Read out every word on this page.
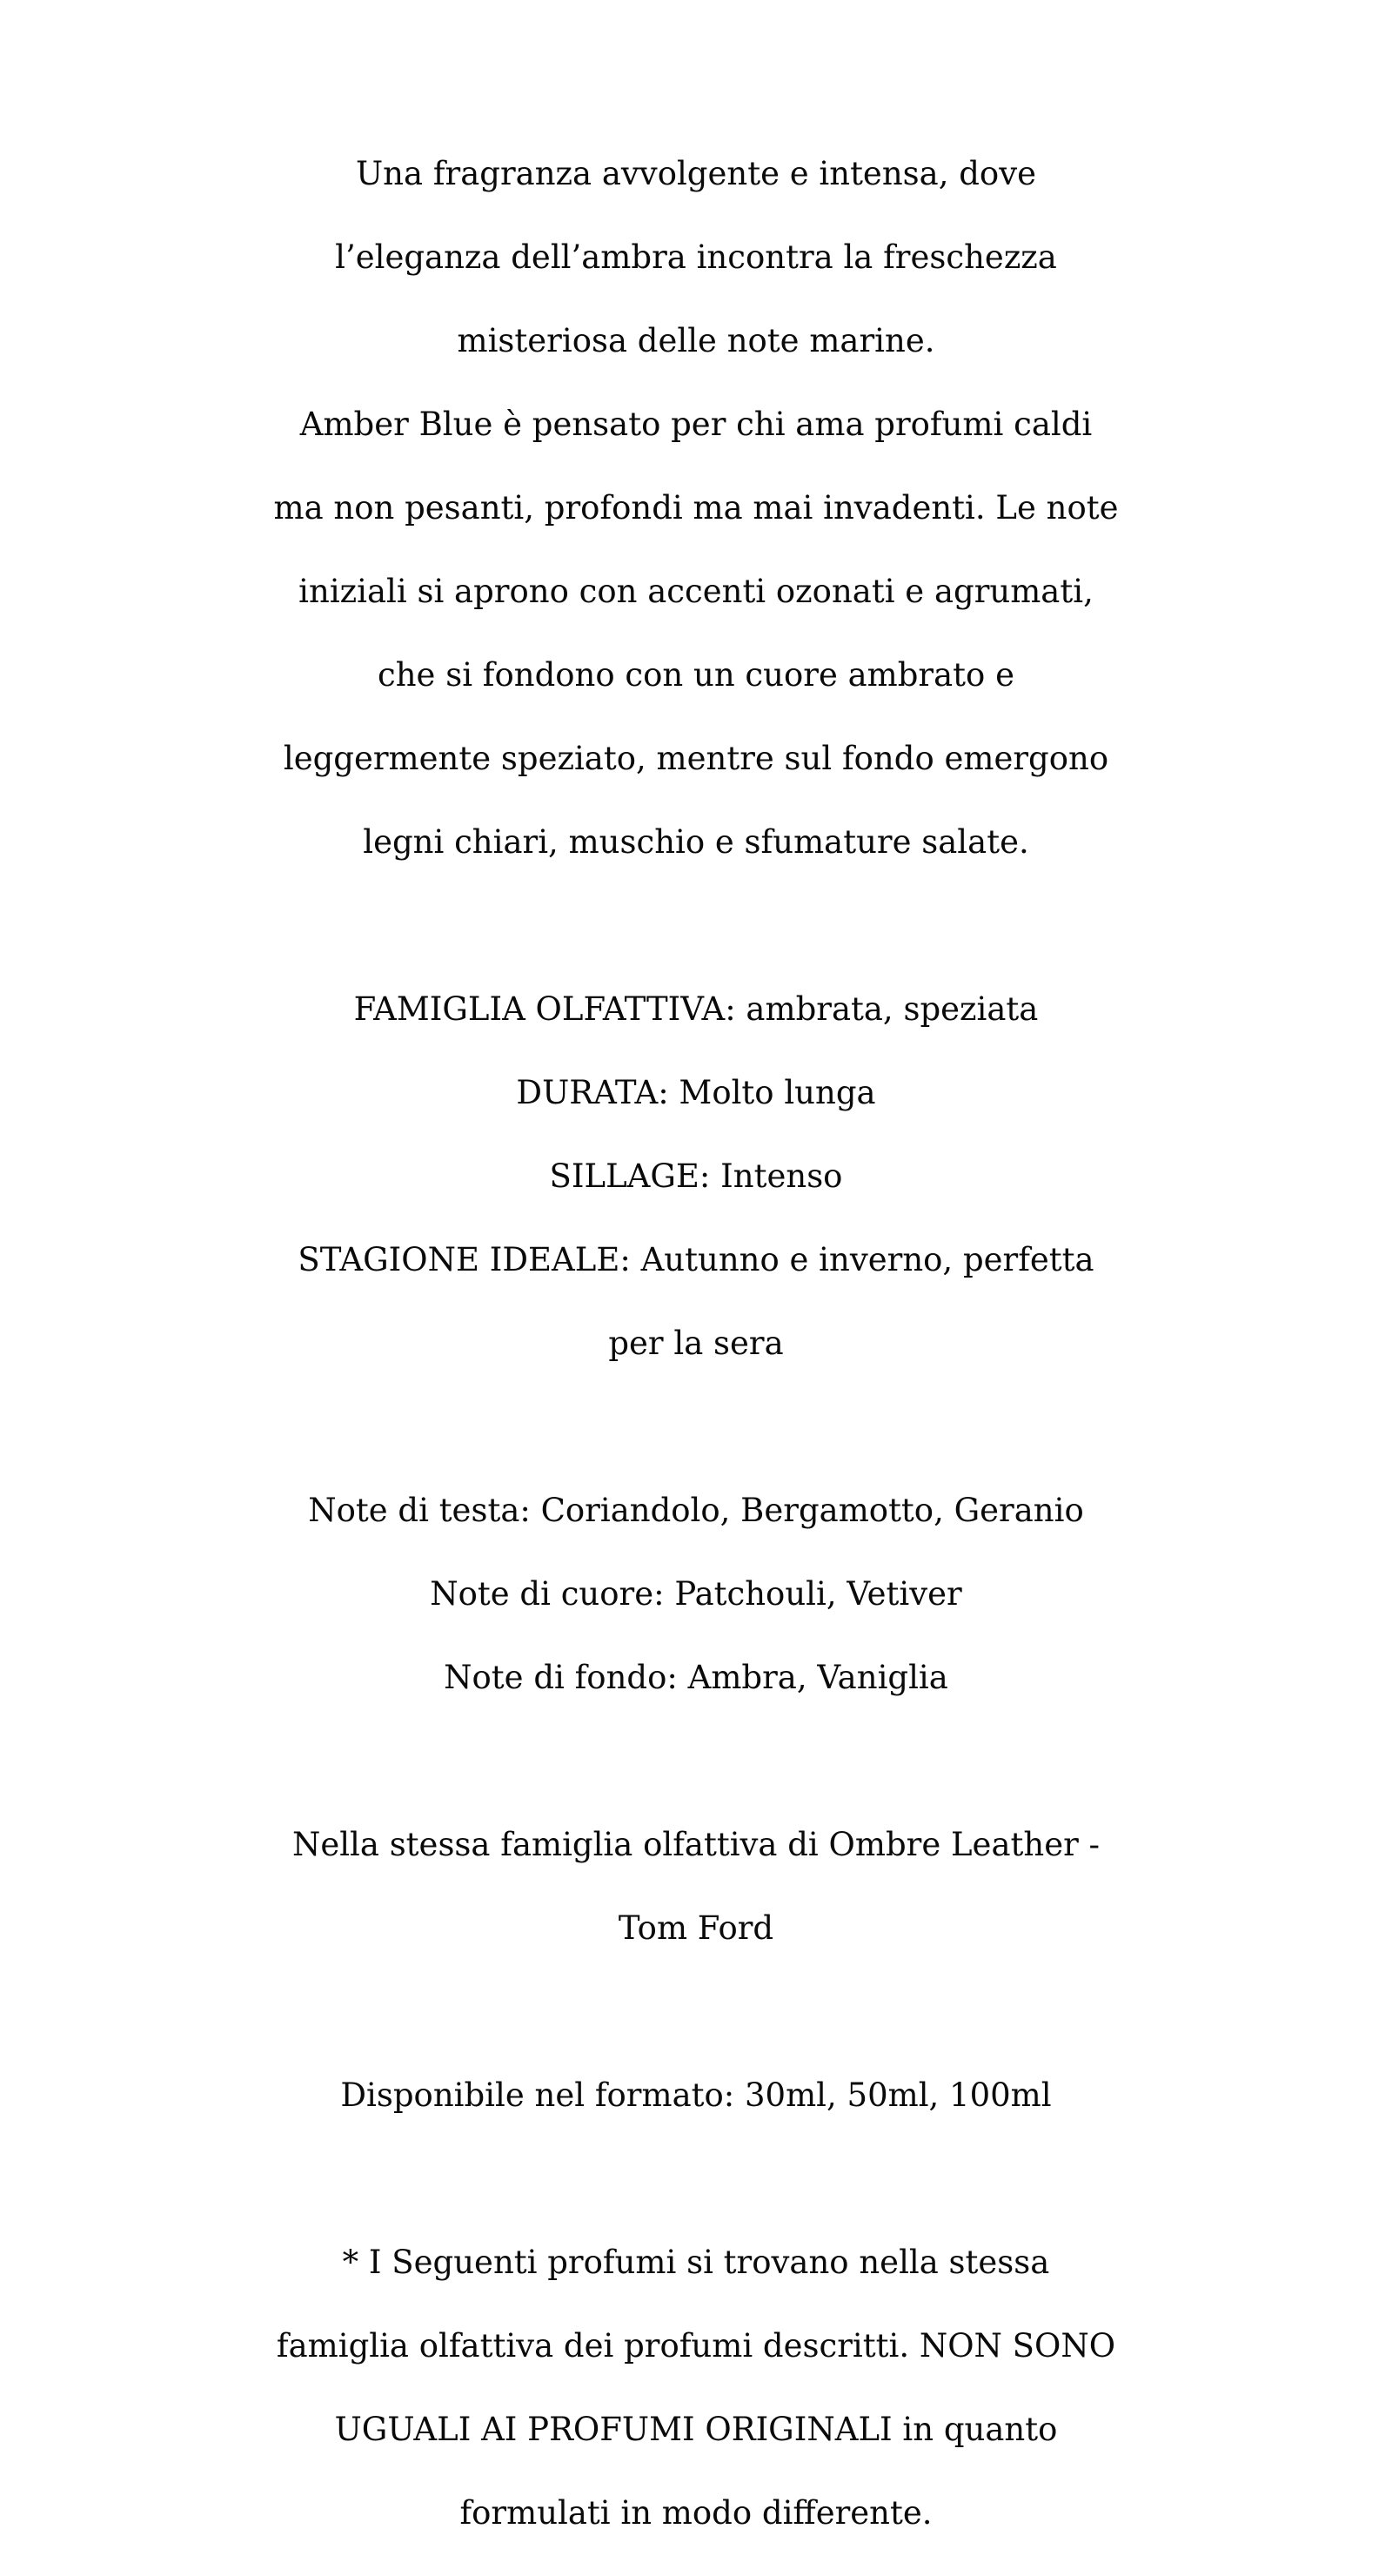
Una fragranza avvolgente e intensa, dove

l’eleganza dell’ambra incontra la freschezza

misteriosa delle note marine.

Amber Blue è pensato per chi ama profumi caldi

ma non pesanti, profondi ma mai invadenti. Le note

iniziali si aprono con accenti ozonati e agrumati,

che si fondono con un cuore ambrato e

leggermente speziato, mentre sul fondo emergono

legni chiari, muschio e sfumature salate.

FAMIGLIA OLFATTIVA: ambrata, speziata

DURATA: Molto lunga

SILLAGE: Intenso

STAGIONE IDEALE: Autunno e inverno, perfetta

per la sera

Note di testa: Coriandolo, Bergamotto, Geranio

Note di cuore: Patchouli, Vetiver

Note di fondo: Ambra, Vaniglia

Nella stessa famiglia olfattiva di Ombre Leather -

Tom Ford

Disponibile nel formato: 30ml, 50ml, 100ml

* I Seguenti profumi si trovano nella stessa

famiglia olfattiva dei profumi descritti. NON SONO

UGUALI AI PROFUMI ORIGINALI in quanto

formulati in modo differente.
